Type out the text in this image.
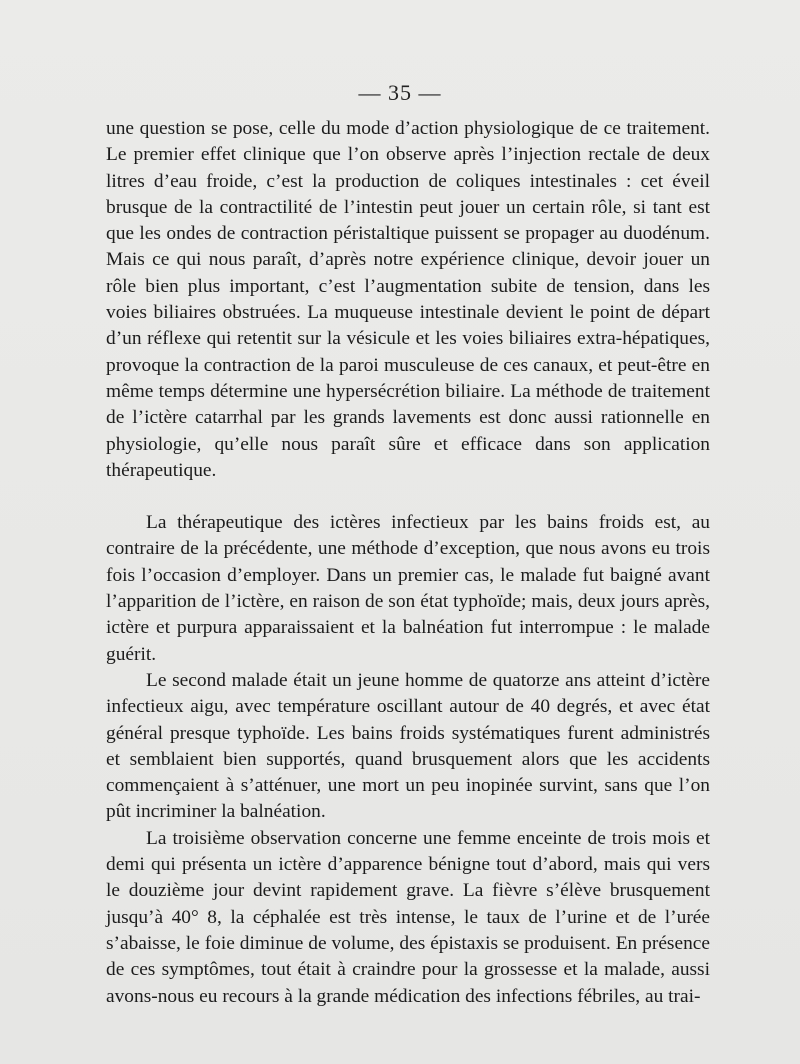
— 35 —

une question se pose, celle du mode d’action physiologique de ce traitement. Le premier effet clinique que l’on observe après l’injection rectale de deux litres d’eau froide, c’est la production de coliques intestinales : cet éveil brusque de la contractilité de l’intestin peut jouer un certain rôle, si tant est que les ondes de contraction péristaltique puissent se propager au duodénum. Mais ce qui nous paraît, d’après notre expérience clinique, devoir jouer un rôle bien plus important, c’est l’augmentation subite de tension, dans les voies biliaires obstruées. La muqueuse intestinale devient le point de départ d’un réflexe qui retentit sur la vésicule et les voies biliaires extra-hépatiques, provoque la contraction de la paroi musculeuse de ces canaux, et peut-être en même temps détermine une hypersécrétion biliaire. La méthode de traitement de l’ictère catarrhal par les grands lavements est donc aussi rationnelle en physiologie, qu’elle nous paraît sûre et efficace dans son application thérapeutique.

La thérapeutique des ictères infectieux par les bains froids est, au contraire de la précédente, une méthode d’exception, que nous avons eu trois fois l’occasion d’employer. Dans un premier cas, le malade fut baigné avant l’apparition de l’ictère, en raison de son état typhoïde; mais, deux jours après, ictère et purpura apparaissaient et la balnéation fut interrompue : le malade guérit.

Le second malade était un jeune homme de quatorze ans atteint d’ictère infectieux aigu, avec température oscillant autour de 40 degrés, et avec état général presque typhoïde. Les bains froids systématiques furent administrés et semblaient bien supportés, quand brusquement alors que les accidents commençaient à s’atténuer, une mort un peu inopinée survint, sans que l’on pût incriminer la balnéation.

La troisième observation concerne une femme enceinte de trois mois et demi qui présenta un ictère d’apparence bénigne tout d’abord, mais qui vers le douzième jour devint rapidement grave. La fièvre s’élève brusquement jusqu’à 40° 8, la céphalée est très intense, le taux de l’urine et de l’urée s’abaisse, le foie diminue de volume, des épistaxis se produisent. En présence de ces symptômes, tout était à craindre pour la grossesse et la malade, aussi avons-nous eu recours à la grande médication des infections fébriles, au trai-
